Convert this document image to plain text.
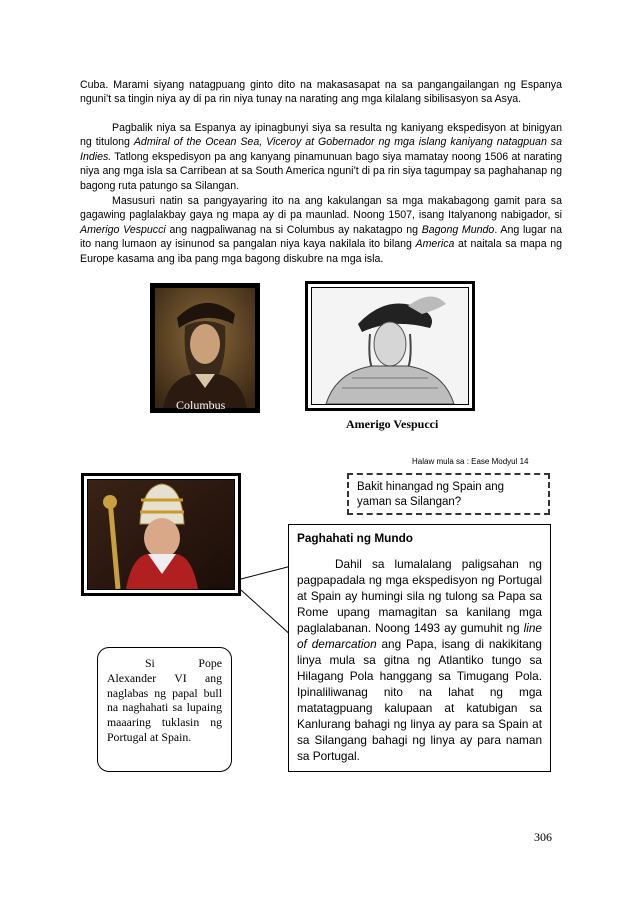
Cuba. Marami siyang natagpuang ginto dito na makasasapat na sa pangangailangan ng Espanya nguni’t sa tingin niya ay di pa rin niya tunay na narating ang mga kilalang sibilisasyon sa Asya.

Pagbalik niya sa Espanya ay ipinagbunyi siya sa resulta ng kaniyang ekspedisyon at binigyan ng titulong Admiral of the Ocean Sea, Viceroy at Gobernador ng mga islang kaniyang natagpuan sa Indies. Tatlong ekspedisyon pa ang kanyang pinamunuan bago siya mamatay noong 1506 at narating niya ang mga isla sa Carribean at sa South America nguni’t di pa rin siya tagumpay sa paghahanap ng bagong ruta patungo sa Silangan.

Masusuri natin sa pangyayaring ito na ang kakulangan sa mga makabagong gamit para sa gagawing paglalakbay gaya ng mapa ay di pa maunlad. Noong 1507, isang Italyanong nabigador, si Amerigo Vespucci ang nagpaliwanag na si Columbus ay nakatagpo ng Bagong Mundo. Ang lugar na ito nang lumaon ay isinunod sa pangalan niya kaya nakilala ito bilang America at naitala sa mapa ng Europe kasama ang iba pang mga bagong diskubre na mga isla.

Columbus
Amerigo Vespucci
Halaw mula sa : Ease Modyul 14
Bakit hinangad ng Spain ang yaman sa Silangan?
Paghahati ng Mundo
Dahil sa lumalalang paligsahan ng pagpapadala ng mga ekspedisyon ng Portugal at Spain ay humingi sila ng tulong sa Papa sa Rome upang mamagitan sa kanilang mga paglalabanan. Noong 1493 ay gumuhit ng line of demarcation ang Papa, isang di nakikitang linya mula sa gitna ng Atlantiko tungo sa Hilagang Pola hanggang sa Timugang Pola. Ipinaliliwanag nito na lahat ng mga matatagpuang kalupaan at katubigan sa Kanlurang bahagi ng linya ay para sa Spain at sa Silangang bahagi ng linya ay para naman sa Portugal.
Si Pope Alexander VI ang naglabas ng papal bull na naghahati sa lupaing maaaring tuklasin ng Portugal at Spain.
306
